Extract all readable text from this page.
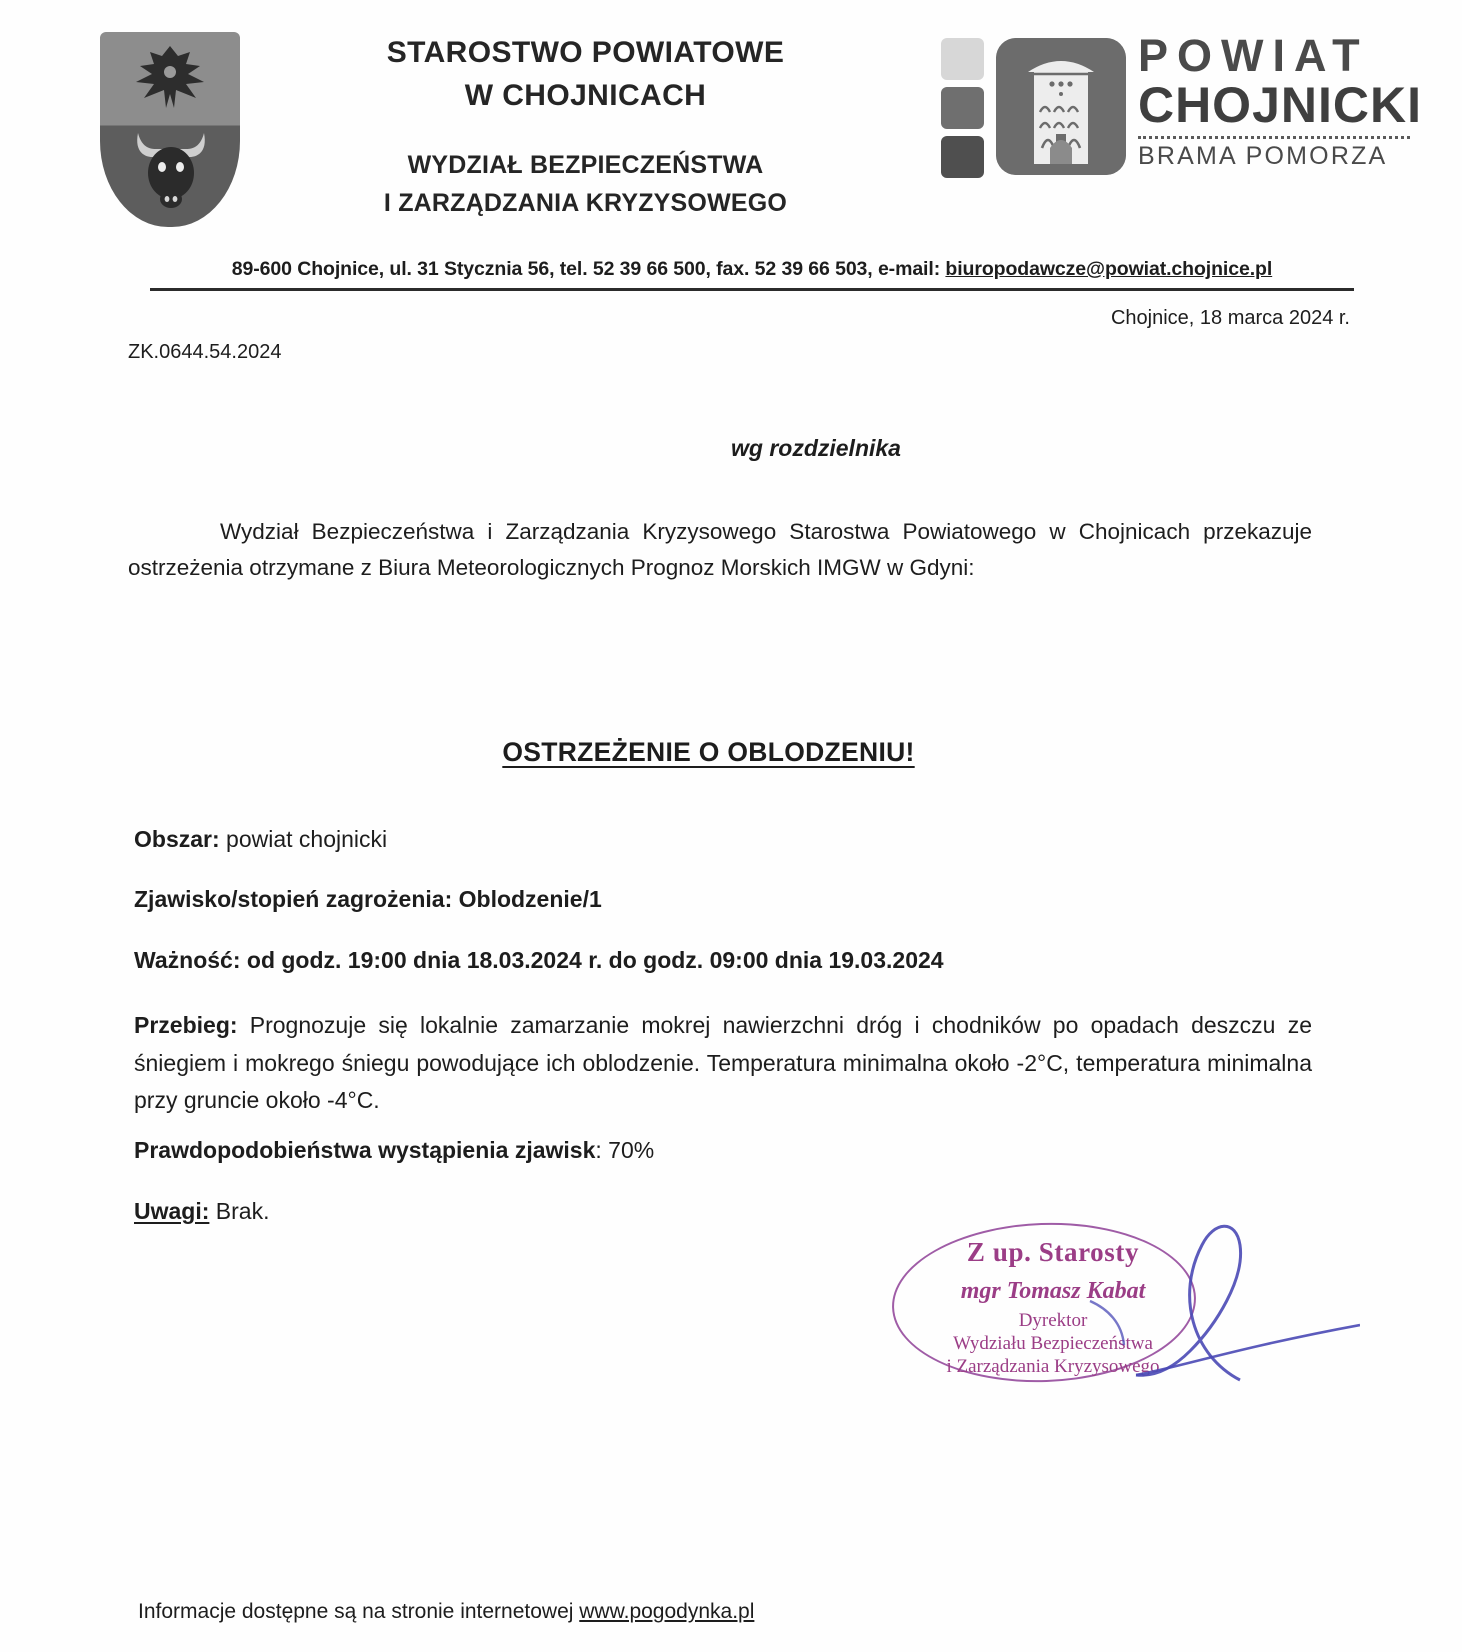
STAROSTWO POWIATOWE
W CHOJNICACH
WYDZIAŁ BEZPIECZEŃSTWA
I ZARZĄDZANIA KRYZYSOWEGO
POWIAT
CHOJNICKI
BRAMA POMORZA
89-600 Chojnice, ul. 31 Stycznia 56, tel. 52 39 66 500, fax. 52 39 66 503, e-mail: biuropodawcze@powiat.chojnice.pl
Chojnice, 18 marca 2024 r.
ZK.0644.54.2024
wg rozdzielnika
Wydział Bezpieczeństwa i Zarządzania Kryzysowego Starostwa Powiatowego w Chojnicach przekazuje ostrzeżenia otrzymane z Biura Meteorologicznych Prognoz Morskich IMGW w Gdyni:
OSTRZEŻENIE O OBLODZENIU!
Obszar: powiat chojnicki
Zjawisko/stopień zagrożenia: Oblodzenie/1
Ważność: od godz. 19:00 dnia 18.03.2024 r. do godz. 09:00 dnia 19.03.2024
Przebieg: Prognozuje się lokalnie zamarzanie mokrej nawierzchni dróg i chodników po opadach deszczu ze śniegiem i mokrego śniegu powodujące ich oblodzenie. Temperatura minimalna około -2°C, temperatura minimalna przy gruncie około -4°C.
Prawdopodobieństwa wystąpienia zjawisk: 70%
Uwagi: Brak.
Z up. Starosty
mgr Tomasz Kabat
Dyrektor
Wydziału Bezpieczeństwa
i Zarządzania Kryzysowego
Informacje dostępne są na stronie internetowej www.pogodynka.pl
